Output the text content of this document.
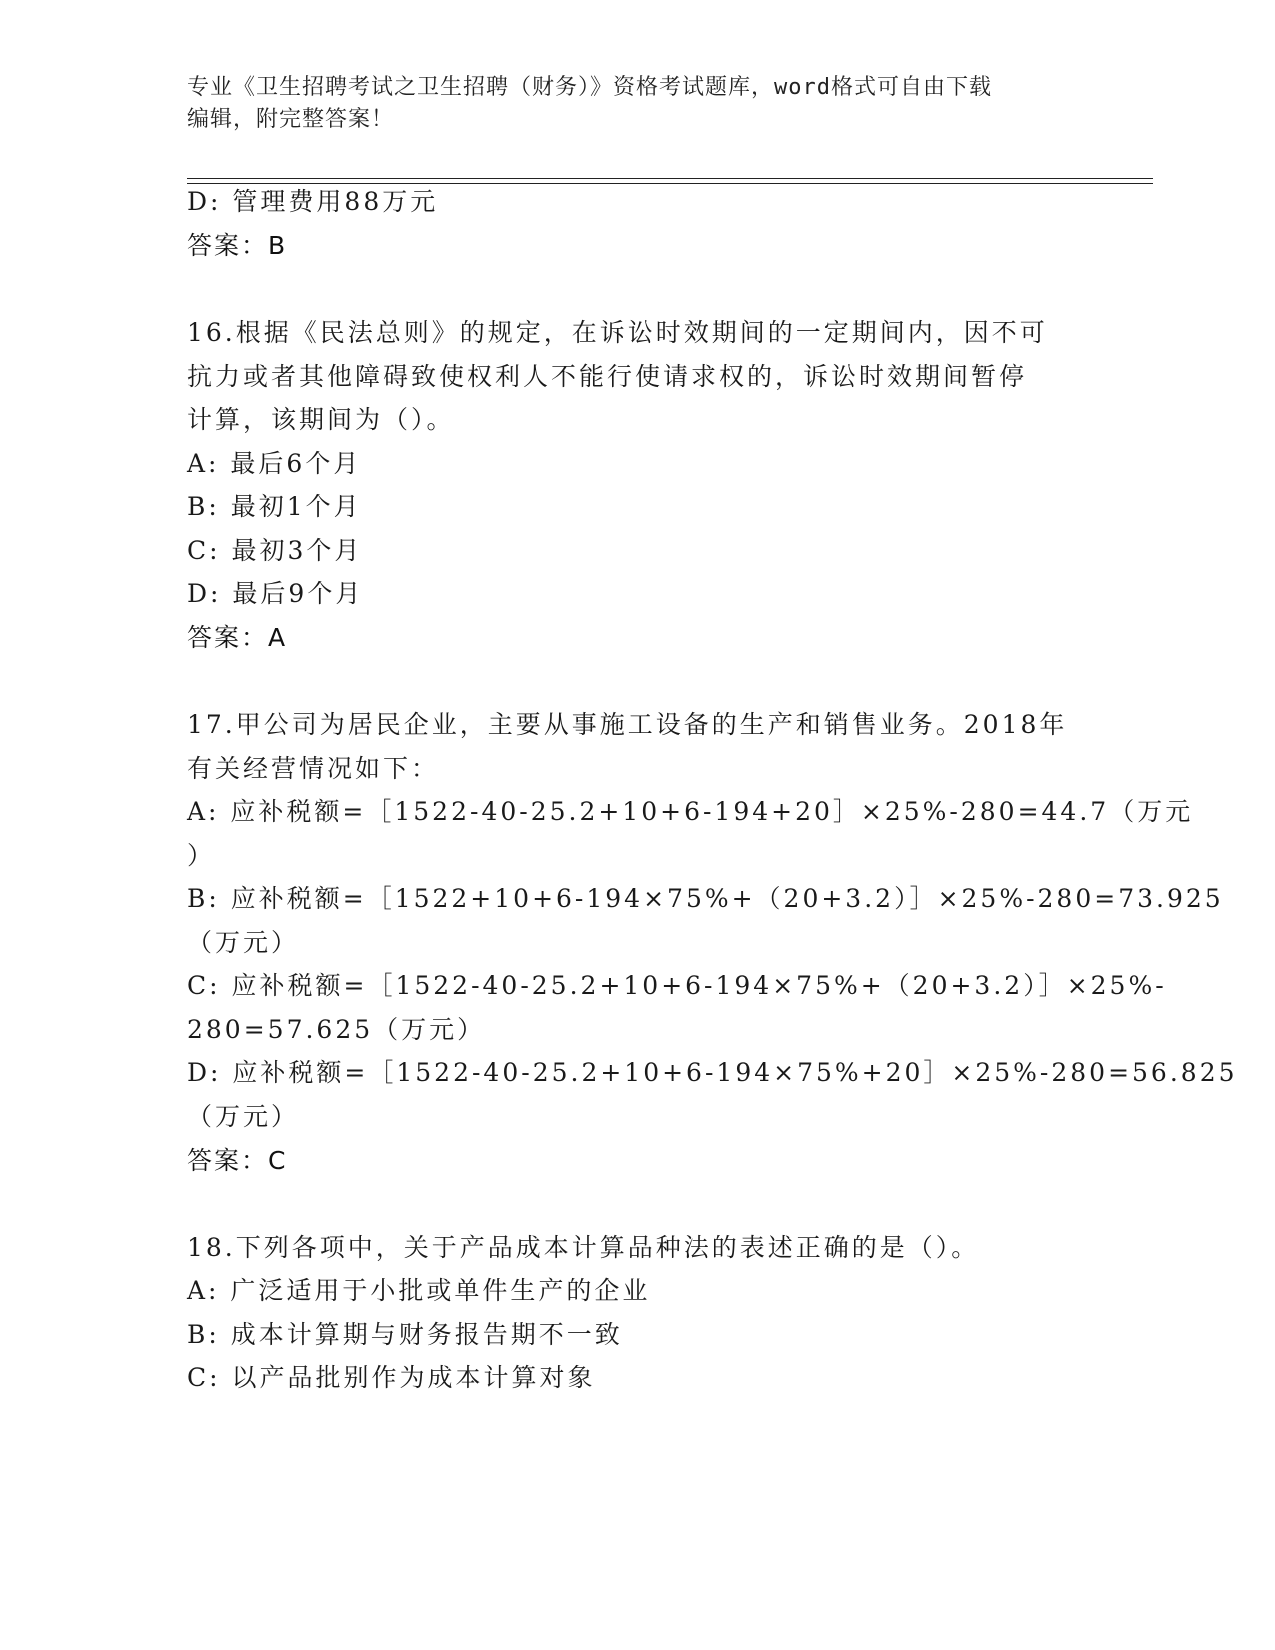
专业《卫生招聘考试之卫生招聘（财务）》资格考试题库，word格式可自由下载
编辑，附完整答案！
D: 管理费用88万元
答案：B
16.根据《民法总则》的规定，在诉讼时效期间的一定期间内，因不可
抗力或者其他障碍致使权利人不能行使请求权的，诉讼时效期间暂停
计算，该期间为（）。
A: 最后6个月
B: 最初1个月
C: 最初3个月
D: 最后9个月
答案：A
17.甲公司为居民企业，主要从事施工设备的生产和销售业务。2018年
有关经营情况如下：
A: 应补税额=［1522-40-25.2+10+6-194+20］×25%-280=44.7（万元
）
B: 应补税额=［1522+10+6-194×75%+（20+3.2）］×25%-280=73.925
（万元）
C: 应补税额=［1522-40-25.2+10+6-194×75%+（20+3.2）］×25%-
280=57.625（万元）
D: 应补税额=［1522-40-25.2+10+6-194×75%+20］×25%-280=56.825
（万元）
答案：C
18.下列各项中，关于产品成本计算品种法的表述正确的是（）。
A: 广泛适用于小批或单件生产的企业
B: 成本计算期与财务报告期不一致
C: 以产品批别作为成本计算对象
